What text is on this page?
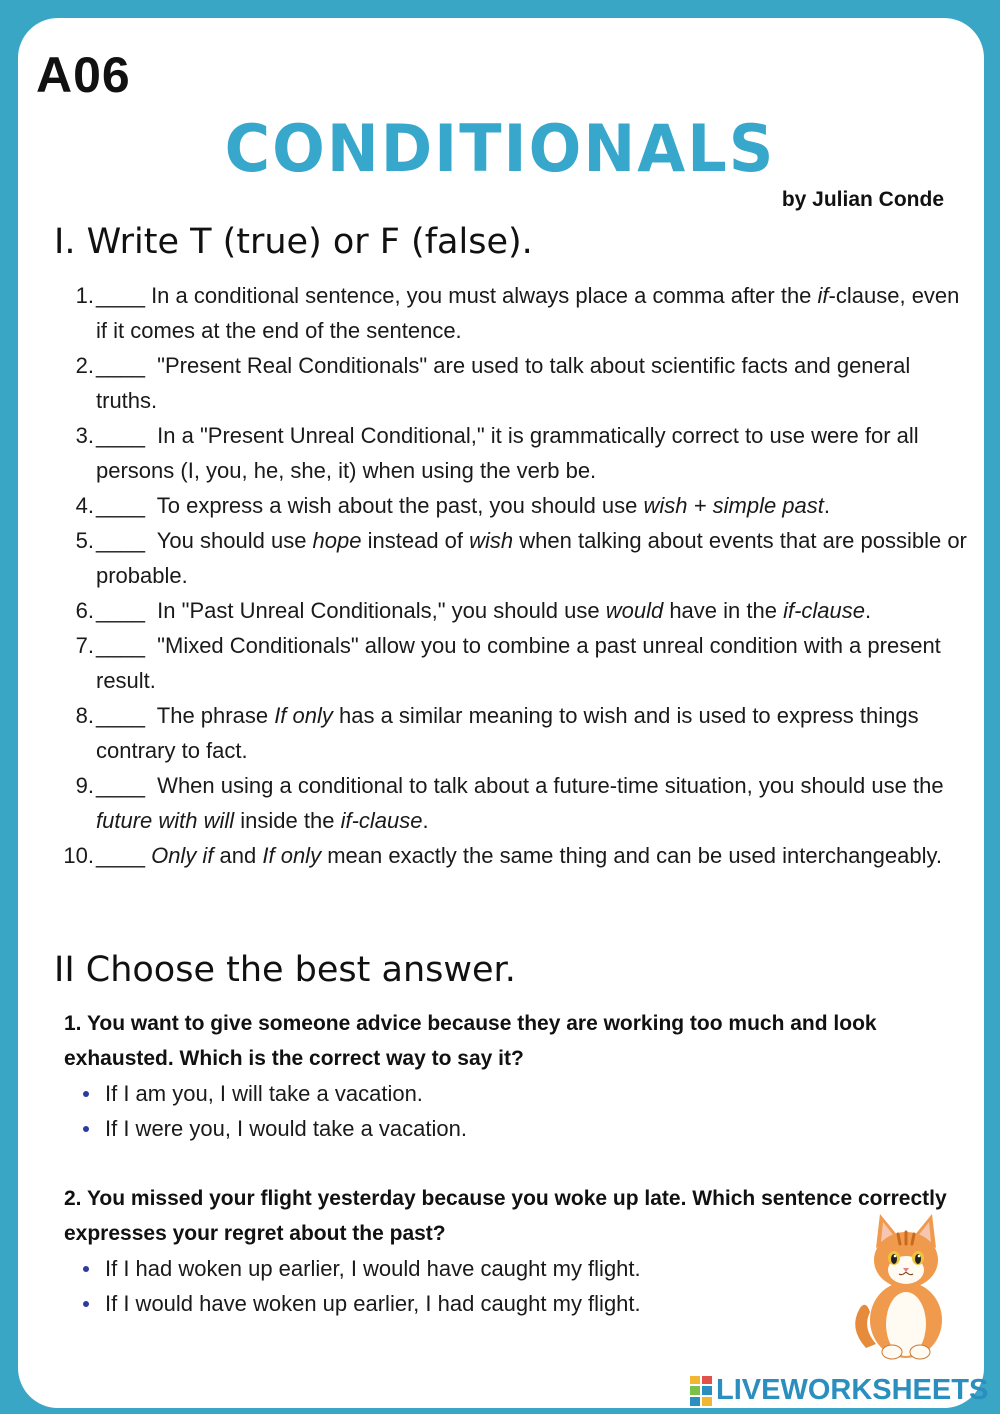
A06
CONDITIONALS
by Julian Conde
I. Write T (true) or F (false).
1. ____ In a conditional sentence, you must always place a comma after the if-clause, even if it comes at the end of the sentence.
2. ____  "Present Real Conditionals" are used to talk about scientific facts and general truths.
3. ____  In a "Present Unreal Conditional," it is grammatically correct to use were for all persons (I, you, he, she, it) when using the verb be.
4. ____  To express a wish about the past, you should use wish + simple past.
5. ____  You should use hope instead of wish when talking about events that are possible or probable.
6. ____  In "Past Unreal Conditionals," you should use would have in the if-clause.
7. ____  "Mixed Conditionals" allow you to combine a past unreal condition with a present result.
8. ____  The phrase If only has a similar meaning to wish and is used to express things contrary to fact.
9. ____  When using a conditional to talk about a future-time situation, you should use the future with will inside the if-clause.
10. ____ Only if and If only mean exactly the same thing and can be used interchangeably.
II Choose the best answer.
1. You want to give someone advice because they are working too much and look exhausted. Which is the correct way to say it?
If I am you, I will take a vacation.
If I were you, I would take a vacation.
2. You missed your flight yesterday because you woke up late. Which sentence correctly expresses your regret about the past?
If I had woken up earlier, I would have caught my flight.
If I would have woken up earlier, I had caught my flight.
LIVEWORKSHEETS
